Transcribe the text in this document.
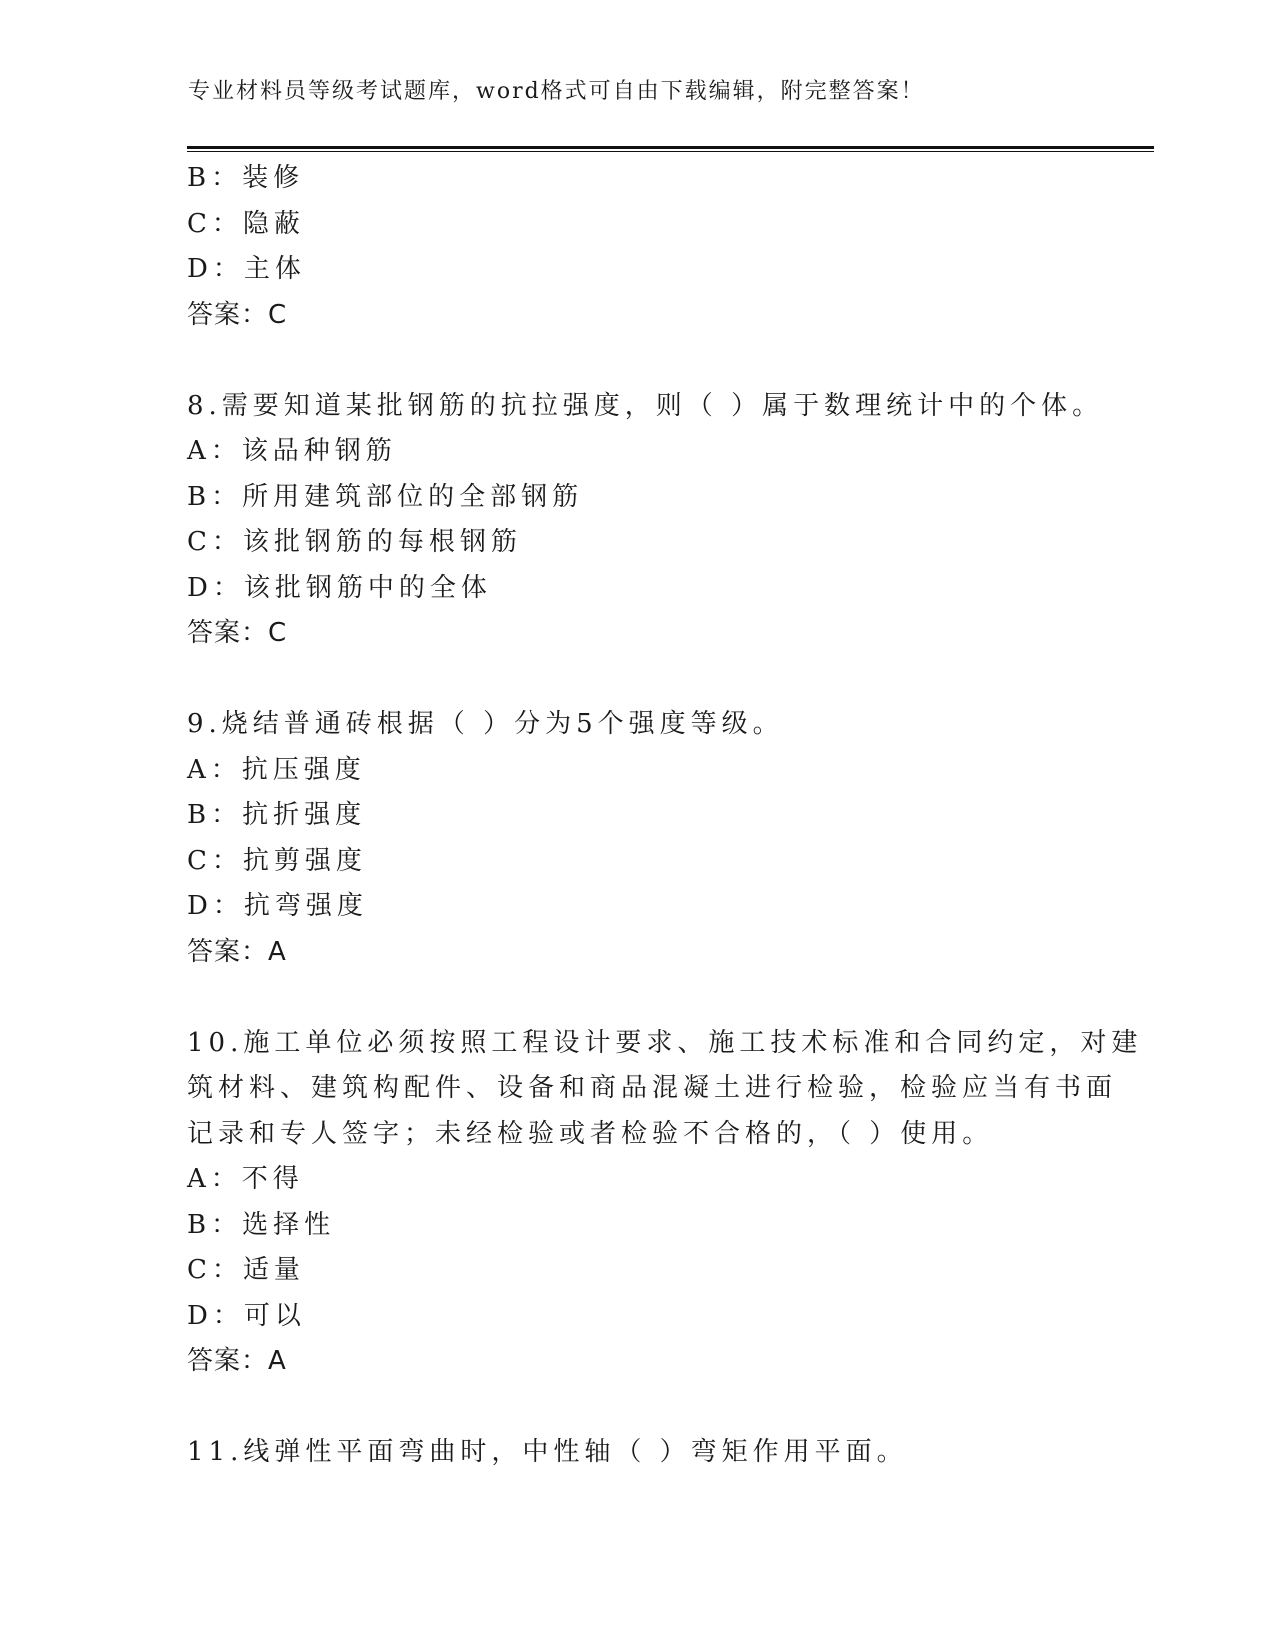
专业材料员等级考试题库，word格式可自由下载编辑，附完整答案！
B：装修
C：隐蔽
D：主体
答案：C
8.需要知道某批钢筋的抗拉强度，则（ ）属于数理统计中的个体。
A：该品种钢筋
B：所用建筑部位的全部钢筋
C：该批钢筋的每根钢筋
D：该批钢筋中的全体
答案：C
9.烧结普通砖根据（ ）分为5个强度等级。
A：抗压强度
B：抗折强度
C：抗剪强度
D：抗弯强度
答案：A
10.施工单位必须按照工程设计要求、施工技术标准和合同约定，对建
筑材料、建筑构配件、设备和商品混凝土进行检验，检验应当有书面
记录和专人签字；未经检验或者检验不合格的，（ ）使用。
A：不得
B：选择性
C：适量
D：可以
答案：A
11.线弹性平面弯曲时，中性轴（ ）弯矩作用平面。
